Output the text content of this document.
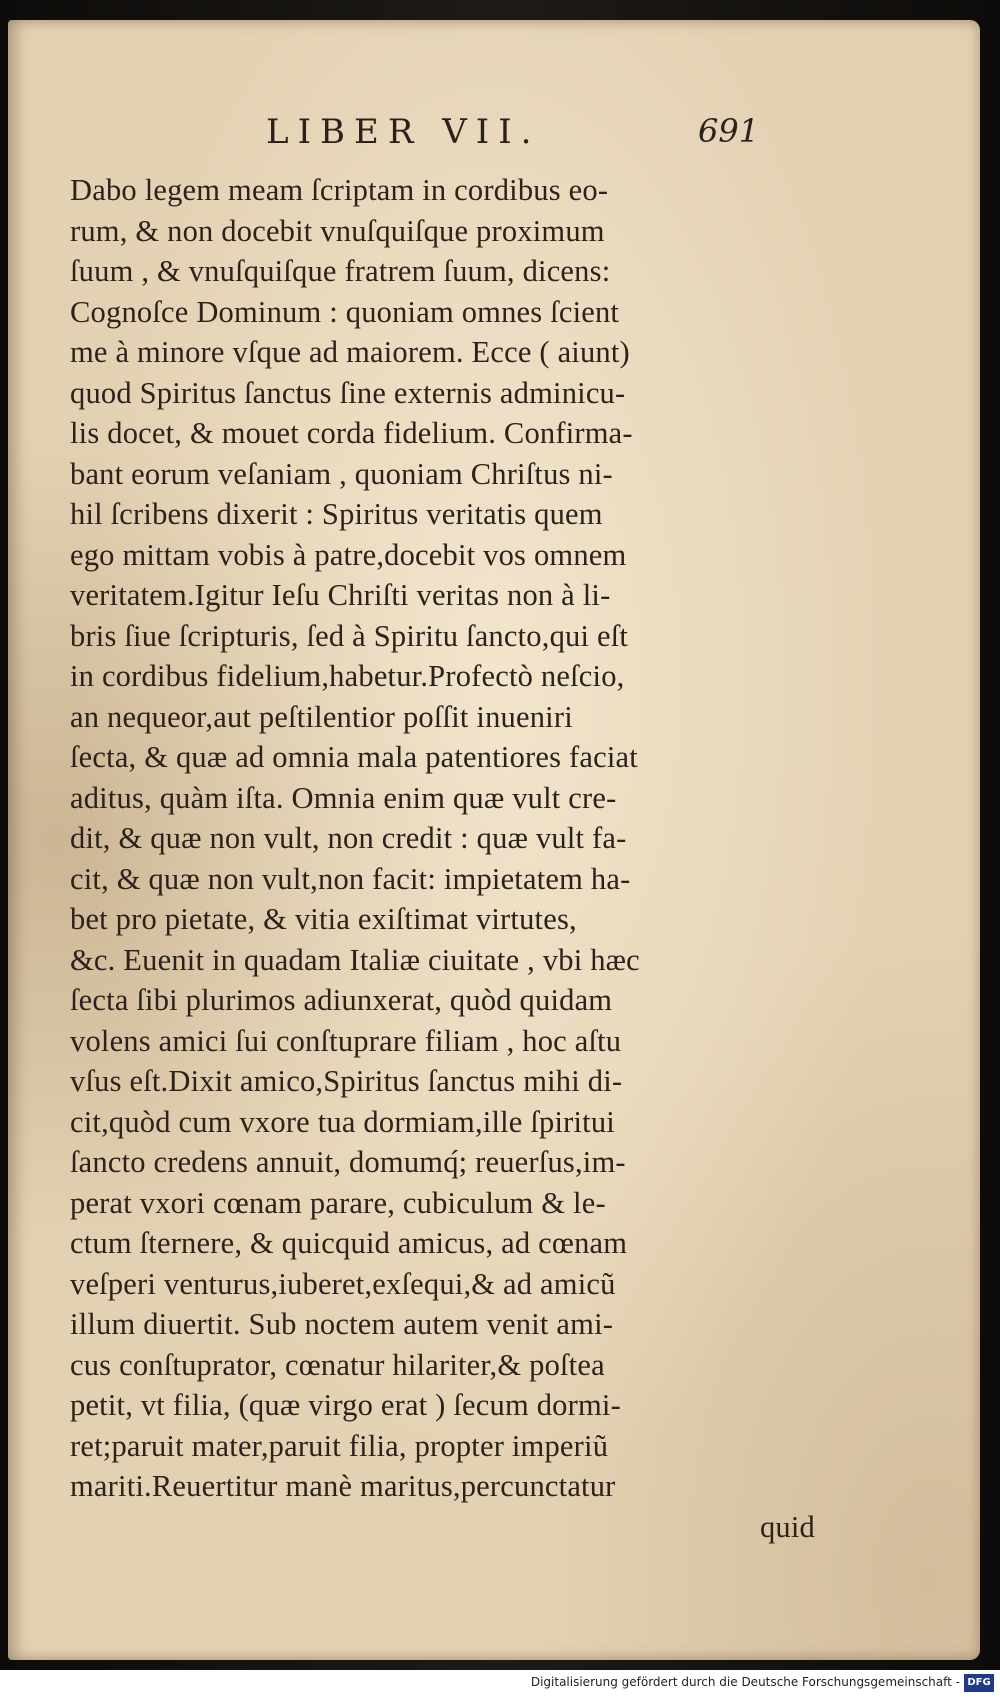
LIBER VII.	691
Dabo legem meam ſcriptam in cordibus eo-
rum, & non docebit vnuſquiſque proximum
ſuum , & vnuſquiſque fratrem ſuum, dicens:
Cognoſce Dominum : quoniam omnes ſcient
me à minore vſque ad maiorem. Ecce ( aiunt)
quod Spiritus ſanctus ſine externis adminicu-
lis docet, & mouet corda fidelium. Confirma-
bant eorum veſaniam , quoniam Chriſtus ni-
hil ſcribens dixerit : Spiritus veritatis quem
ego mittam vobis à patre,docebit vos omnem
veritatem.Igitur Ieſu Chriſti veritas non à li-
bris ſiue ſcripturis, ſed à Spiritu ſancto,qui eſt
in cordibus fidelium,habetur.Profectò neſcio,
an nequeor,aut peſtilentior poſſit inueniri
ſecta, & quæ ad omnia mala patentiores faciat
aditus, quàm iſta. Omnia enim quæ vult cre-
dit, & quæ non vult, non credit : quæ vult fa-
cit, & quæ non vult,non facit: impietatem ha-
bet pro pietate, & vitia exiſtimat virtutes,
&c. Euenit in quadam Italiæ ciuitate , vbi hæc
ſecta ſibi plurimos adiunxerat, quòd quidam
volens amici ſui conſtuprare filiam , hoc aſtu
vſus eſt.Dixit amico,Spiritus ſanctus mihi di-
cit,quòd cum vxore tua dormiam,ille ſpiritui
ſancto credens annuit, domumq́; reuerſus,im-
perat vxori cœnam parare, cubiculum & le-
ctum ſternere, & quicquid amicus, ad cœnam
veſperi venturus,iuberet,exſequi,& ad amicũ
illum diuertit. Sub noctem autem venit ami-
cus conſtuprator, cœnatur hilariter,& poſtea
petit, vt filia, (quæ virgo erat ) ſecum dormi-
ret;paruit mater,paruit filia, propter imperiũ
mariti.Reuertitur manè maritus,percunctatur
quid
Digitalisierung gefördert durch die Deutsche Forschungsgemeinschaft - DFG
